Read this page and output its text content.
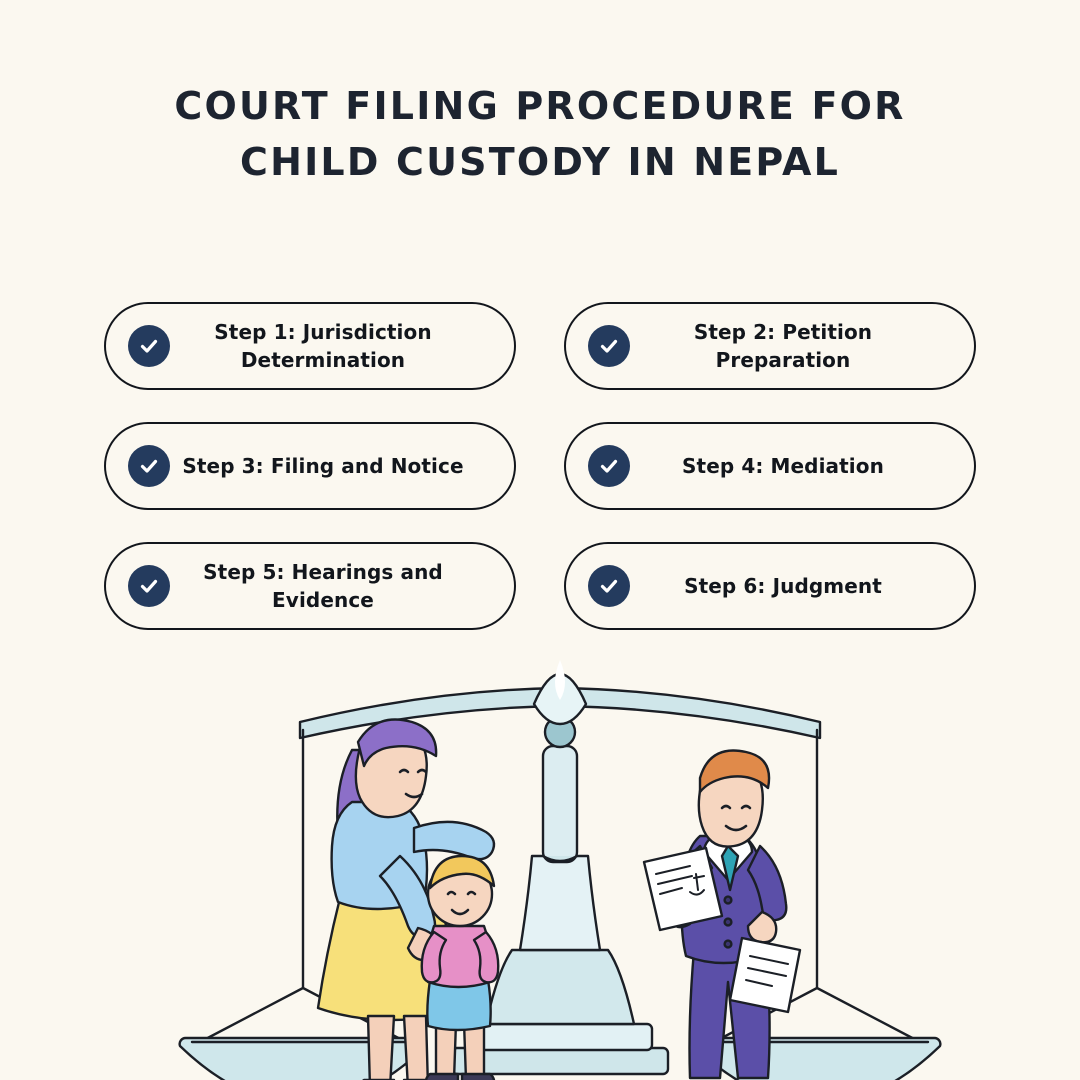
COURT FILING PROCEDURE FOR
CHILD CUSTODY IN NEPAL
Step 1: Jurisdiction Determination
Step 2: Petition Preparation
Step 3: Filing and Notice	Step 4: Mediation
Step 5: Hearings and Evidence
Step 6: Judgment
